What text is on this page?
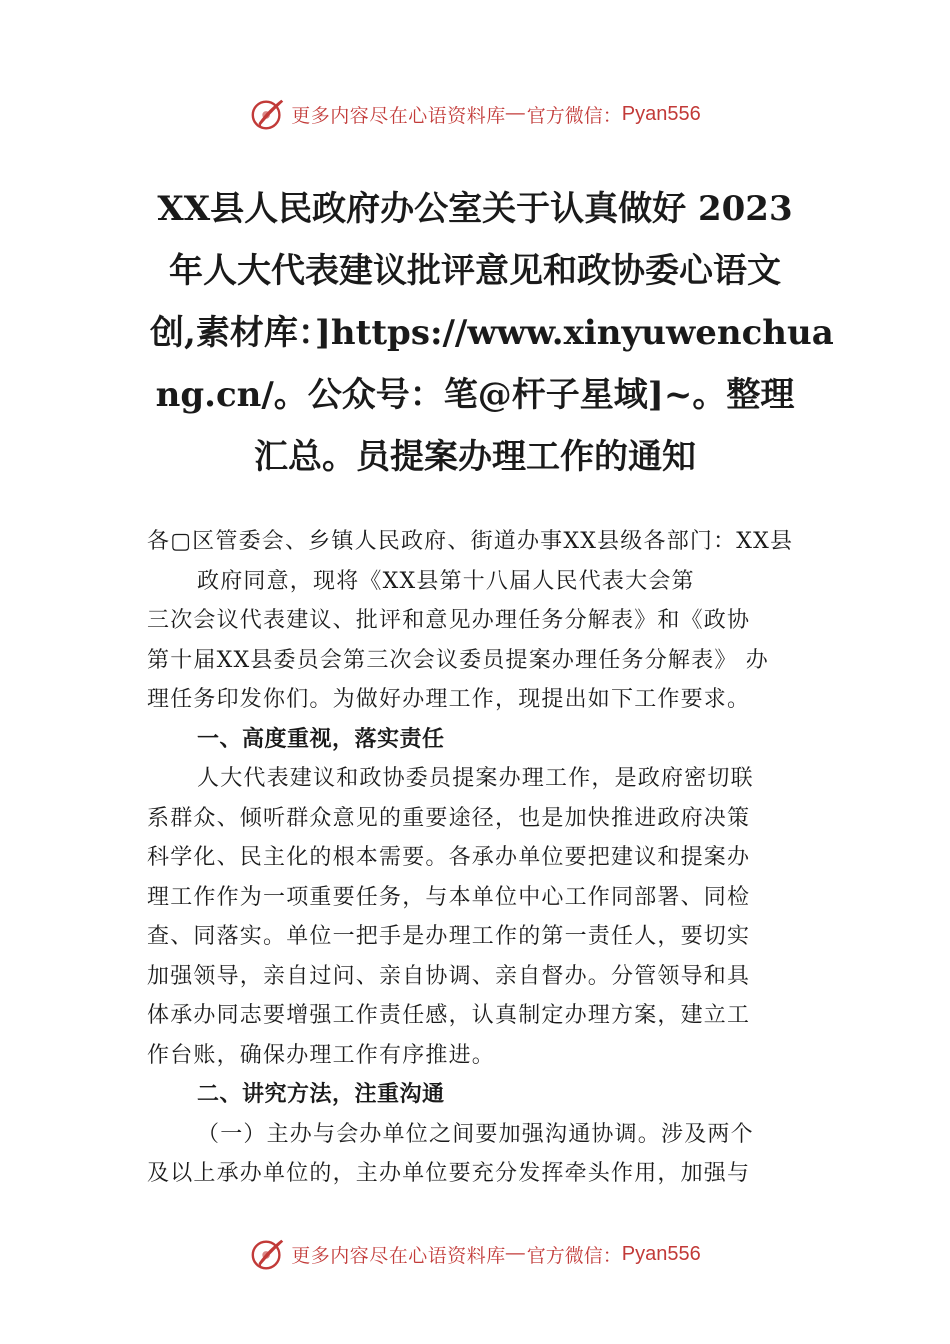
更多内容尽在心语资料库 — 官方微信： Pyan556
XX县人民政府办公室关于认真做好 2023
年人大代表建议批评意见和政协委心语文
创,素材库：]https://www.xinyuwenchua
ng.cn/。公众号：笔@杆子星域]~。整理
汇总。员提案办理工作的通知
各▢区管委会、乡镇人民政府、街道办事XX县级各部门：XX县
政府同意，现将《XX县第十八届人民代表大会第
三次会议代表建议、批评和意见办理任务分解表》和《政协
第十届XX县委员会第三次会议委员提案办理任务分解表》 办
理任务印发你们。为做好办理工作，现提出如下工作要求。
一、高度重视，落实责任
人大代表建议和政协委员提案办理工作，是政府密切联
系群众、倾听群众意见的重要途径，也是加快推进政府决策
科学化、民主化的根本需要。各承办单位要把建议和提案办
理工作作为一项重要任务，与本单位中心工作同部署、同检
查、同落实。单位一把手是办理工作的第一责任人，要切实
加强领导，亲自过问、亲自协调、亲自督办。分管领导和具
体承办同志要增强工作责任感，认真制定办理方案，建立工
作台账，确保办理工作有序推进。
二、讲究方法，注重沟通
（一）主办与会办单位之间要加强沟通协调。涉及两个
及以上承办单位的，主办单位要充分发挥牵头作用，加强与
更多内容尽在心语资料库 — 官方微信： Pyan556
